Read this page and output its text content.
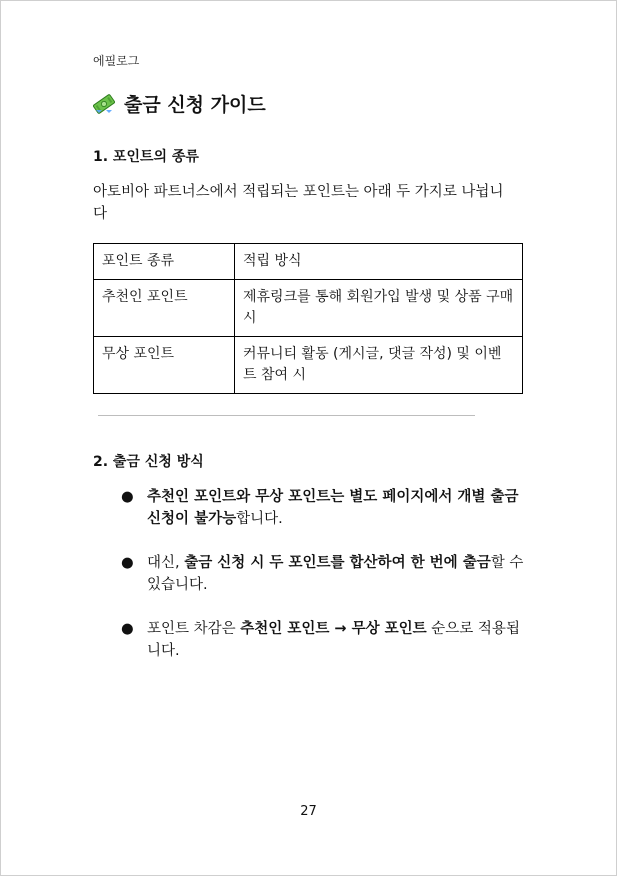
에필로그
출금 신청 가이드
1. 포인트의 종류
아토비아 파트너스에서 적립되는 포인트는 아래 두 가지로 나뉩니다
포인트 종류	적립 방식
추천인 포인트	제휴링크를 통해 회원가입 발생 및 상품 구매 시
무상 포인트	커뮤니티 활동 (게시글, 댓글 작성) 및 이벤트 참여 시
2. 출금 신청 방식
● 추천인 포인트와 무상 포인트는 별도 페이지에서 개별 출금 신청이 불가능합니다.
● 대신, 출금 신청 시 두 포인트를 합산하여 한 번에 출금할 수 있습니다.
● 포인트 차감은 추천인 포인트 → 무상 포인트 순으로 적용됩니다.
27
